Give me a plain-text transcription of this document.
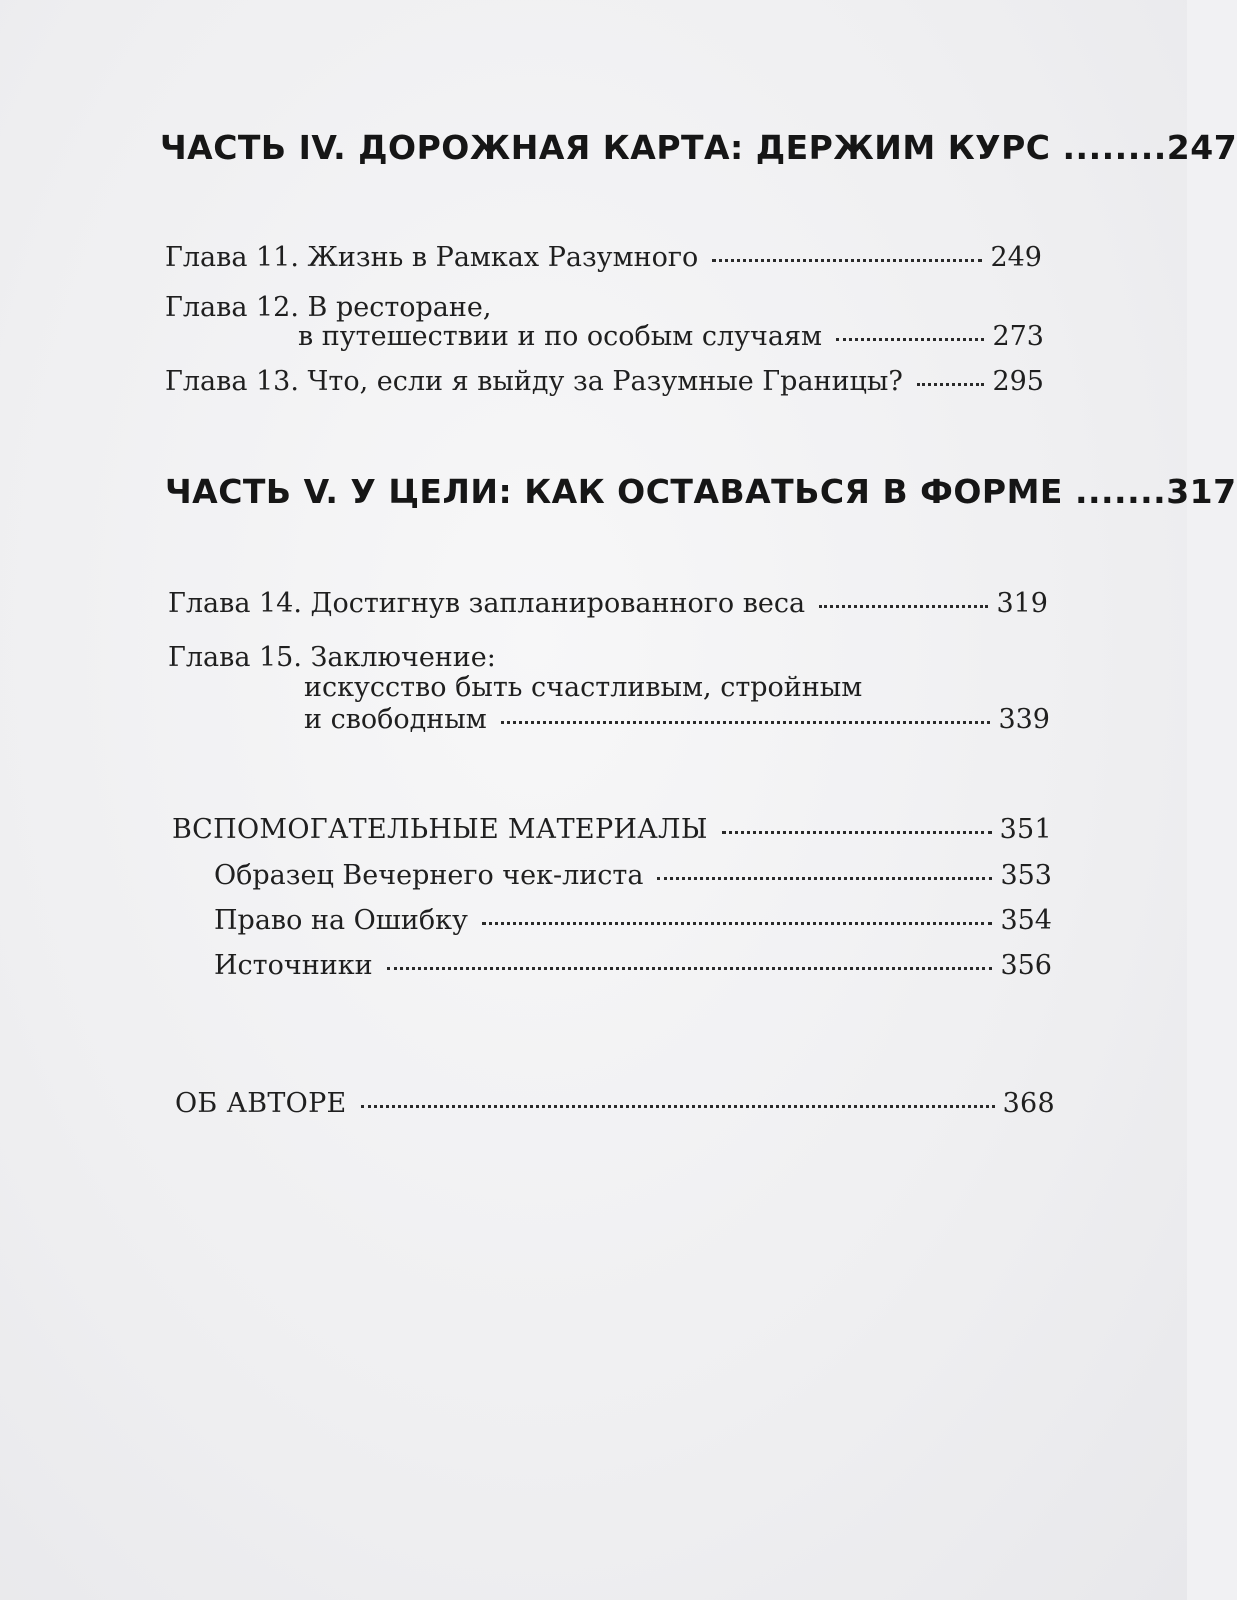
ЧАСТЬ IV. ДОРОЖНАЯ КАРТА: ДЕРЖИМ КУРС ........247
Глава 11. Жизнь в Рамках Разумного	249
Глава 12. В ресторане,
в путешествии и по особым случаям	273
Глава 13. Что, если я выйду за Разумные Границы?	295
ЧАСТЬ V. У ЦЕЛИ: КАК ОСТАВАТЬСЯ В ФОРМЕ .......317
Глава 14. Достигнув запланированного веса	319
Глава 15. Заключение:
искусство быть счастливым, стройным
и свободным	339
ВСПОМОГАТЕЛЬНЫЕ МАТЕРИАЛЫ	351
Образец Вечернего чек-листа	353
Право на Ошибку	354
Источники	356
ОБ АВТОРЕ	368
